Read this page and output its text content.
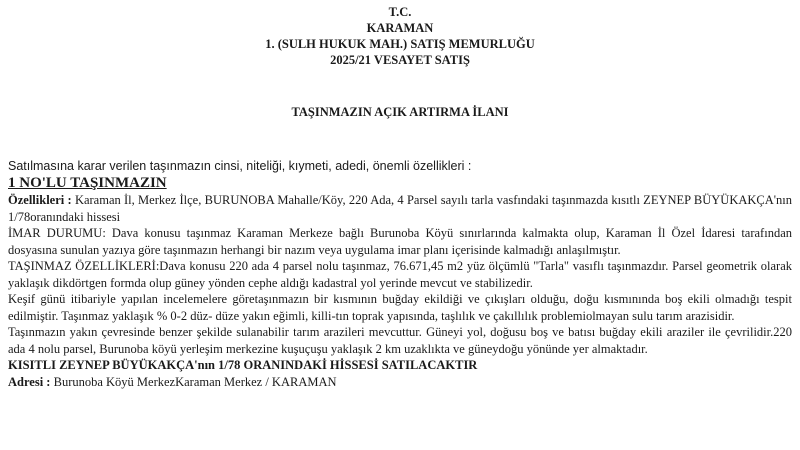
T.C.
KARAMAN
1. (SULH HUKUK MAH.) SATIŞ MEMURLUĞU
2025/21 VESAYET SATIŞ
TAŞINMAZIN AÇIK ARTIRMA İLANI
Satılmasına karar verilen taşınmazın cinsi, niteliği, kıymeti, adedi, önemli özellikleri :
1 NO'LU TAŞINMAZIN
Özellikleri : Karaman İl, Merkez İlçe, BURUNOBA Mahalle/Köy, 220 Ada, 4 Parsel sayılı tarla vasfındaki taşınmazda kısıtlı ZEYNEP BÜYÜKAKÇA'nın 1/78oranındaki hissesi
İMAR DURUMU: Dava konusu taşınmaz Karaman Merkeze bağlı Burunoba Köyü sınırlarında kalmakta olup, Karaman İl Özel İdaresi tarafından dosyasına sunulan yazıya göre taşınmazın herhangi bir nazım veya uygulama imar planı içerisinde kalmadığı anlaşılmıştır.
TAŞINMAZ ÖZELLİKLERİ:Dava konusu 220 ada 4 parsel nolu taşınmaz, 76.671,45 m2 yüz ölçümlü "Tarla" vasıflı taşınmazdır. Parsel geometrik olarak yaklaşık dikdörtgen formda olup güney yönden cephe aldığı kadastral yol yerinde mevcut ve stabilizedir.
Keşif günü itibariyle yapılan incelemelere göretaşınmazın bir kısmının buğday ekildiği ve çıkışları olduğu, doğu kısmınında boş ekili olmadığı tespit edilmiştir. Taşınmaz yaklaşık % 0-2 düz- düze yakın eğimli, killi-tın toprak yapısında, taşlılık ve çakıllılık problemiolmayan sulu tarım arazisidir.
Taşınmazın yakın çevresinde benzer şekilde sulanabilir tarım arazileri mevcuttur. Güneyi yol, doğusu boş ve batısı buğday ekili araziler ile çevrilidir.220 ada 4 nolu parsel, Burunoba köyü yerleşim merkezine kuşuçuşu yaklaşık 2 km uzaklıkta ve güneydoğu yönünde yer almaktadır.
KISITLI ZEYNEP BÜYÜKAKÇA'nın 1/78 ORANINDAKİ HİSSESİ SATILACAKTIR
Adresi : Burunoba Köyü MerkezKaraman Merkez / KARAMAN
